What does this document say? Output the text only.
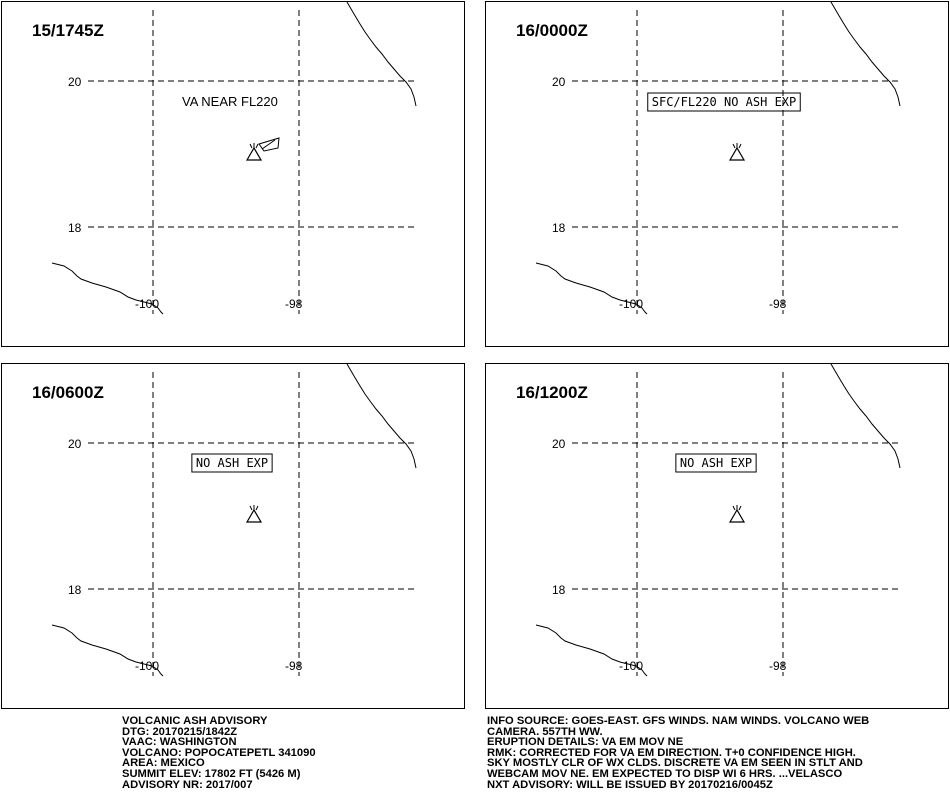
20
18
-100	-98
15/1745Z
VA NEAR FL220
20
18
-100	-98
16/0000Z
SFC/FL220 NO ASH EXP
20
18
-100	-98
16/0600Z
NO ASH EXP
20
18
-100	-98
16/1200Z
NO ASH EXP
VOLCANIC ASH ADVISORY
DTG: 20170215/1842Z
VAAC: WASHINGTON
VOLCANO: POPOCATEPETL 341090
AREA: MEXICO
SUMMIT ELEV: 17802 FT (5426 M)
ADVISORY NR: 2017/007
INFO SOURCE: GOES-EAST. GFS WINDS. NAM WINDS. VOLCANO WEB
CAMERA. 557TH WW.
ERUPTION DETAILS: VA EM MOV NE
RMK: CORRECTED FOR VA EM DIRECTION. T+0 CONFIDENCE HIGH.
SKY MOSTLY CLR OF WX CLDS. DISCRETE VA EM SEEN IN STLT AND
WEBCAM MOV NE. EM EXPECTED TO DISP WI 6 HRS. ...VELASCO
NXT ADVISORY: WILL BE ISSUED BY 20170216/0045Z
